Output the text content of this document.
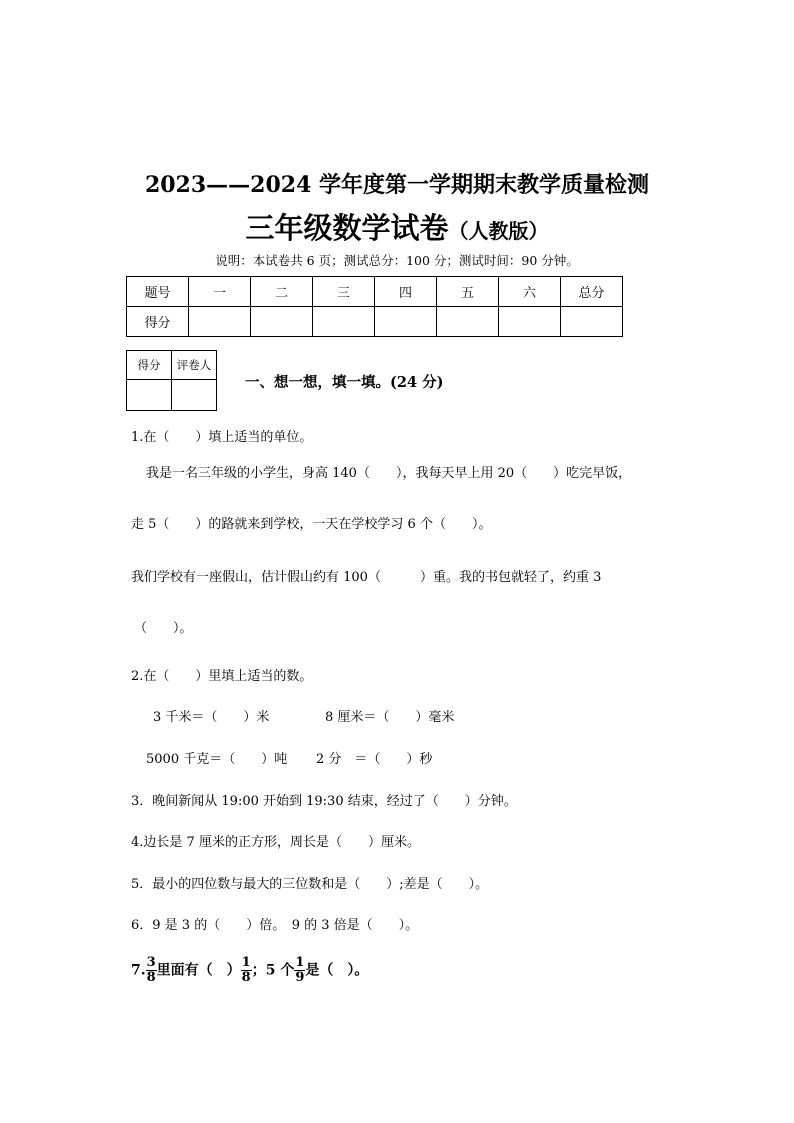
2023——2024 学年度第一学期期末教学质量检测
三年级数学试卷（人教版）
说明：本试卷共 6 页；测试总分：100 分；测试时间：90 分钟。
题号	一	二	三	四	五	六	总分
得分							
得分	评卷人

一、想一想，填一填。(24 分)
1.在（　　）填上适当的单位。
我是一名三年级的小学生，身高 140（　　），我每天早上用 20（　　）吃完早饭，
走 5（　　）的路就来到学校，一天在学校学习 6 个（　　）。
我们学校有一座假山，估计假山约有 100（　　　）重。我的书包就轻了，约重 3
（　　）。
2.在（　　）里填上适当的数。
3 千米＝（　　）米	8 厘米＝（　　）毫米
5000 千克＝（　　）吨 2 分　＝（　　）秒
3．晚间新闻从 19:00 开始到 19:30 结束，经过了（　　）分钟。
4.边长是 7 厘米的正方形，周长是（　　）厘米。
5．最小的四位数与最大的三位数和是（　　）;差是（　　）。
6．9 是 3 的（　　）倍。　9 的 3 倍是（　　）。
7. $\frac{3}{8}$ 里面有（　） $\frac{1}{8}$ ；5 个 $\frac{1}{9}$ 是（　）。
